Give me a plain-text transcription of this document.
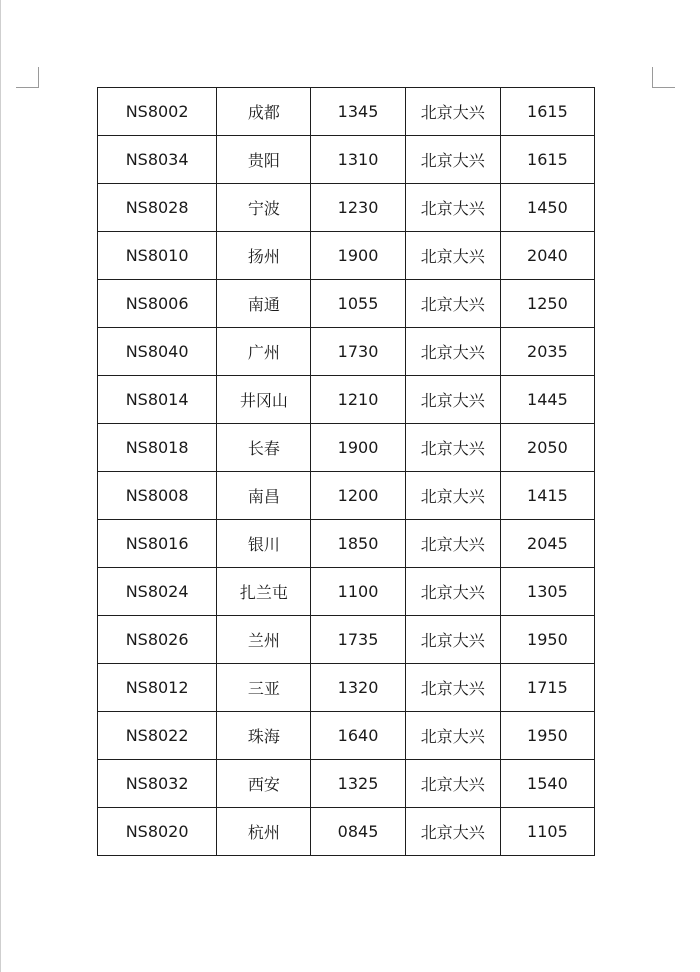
NS8002	成都	1345	北京大兴	1615
NS8034	贵阳	1310	北京大兴	1615
NS8028	宁波	1230	北京大兴	1450
NS8010	扬州	1900	北京大兴	2040
NS8006	南通	1055	北京大兴	1250
NS8040	广州	1730	北京大兴	2035
NS8014	井冈山	1210	北京大兴	1445
NS8018	长春	1900	北京大兴	2050
NS8008	南昌	1200	北京大兴	1415
NS8016	银川	1850	北京大兴	2045
NS8024	扎兰屯	1100	北京大兴	1305
NS8026	兰州	1735	北京大兴	1950
NS8012	三亚	1320	北京大兴	1715
NS8022	珠海	1640	北京大兴	1950
NS8032	西安	1325	北京大兴	1540
NS8020	杭州	0845	北京大兴	1105
